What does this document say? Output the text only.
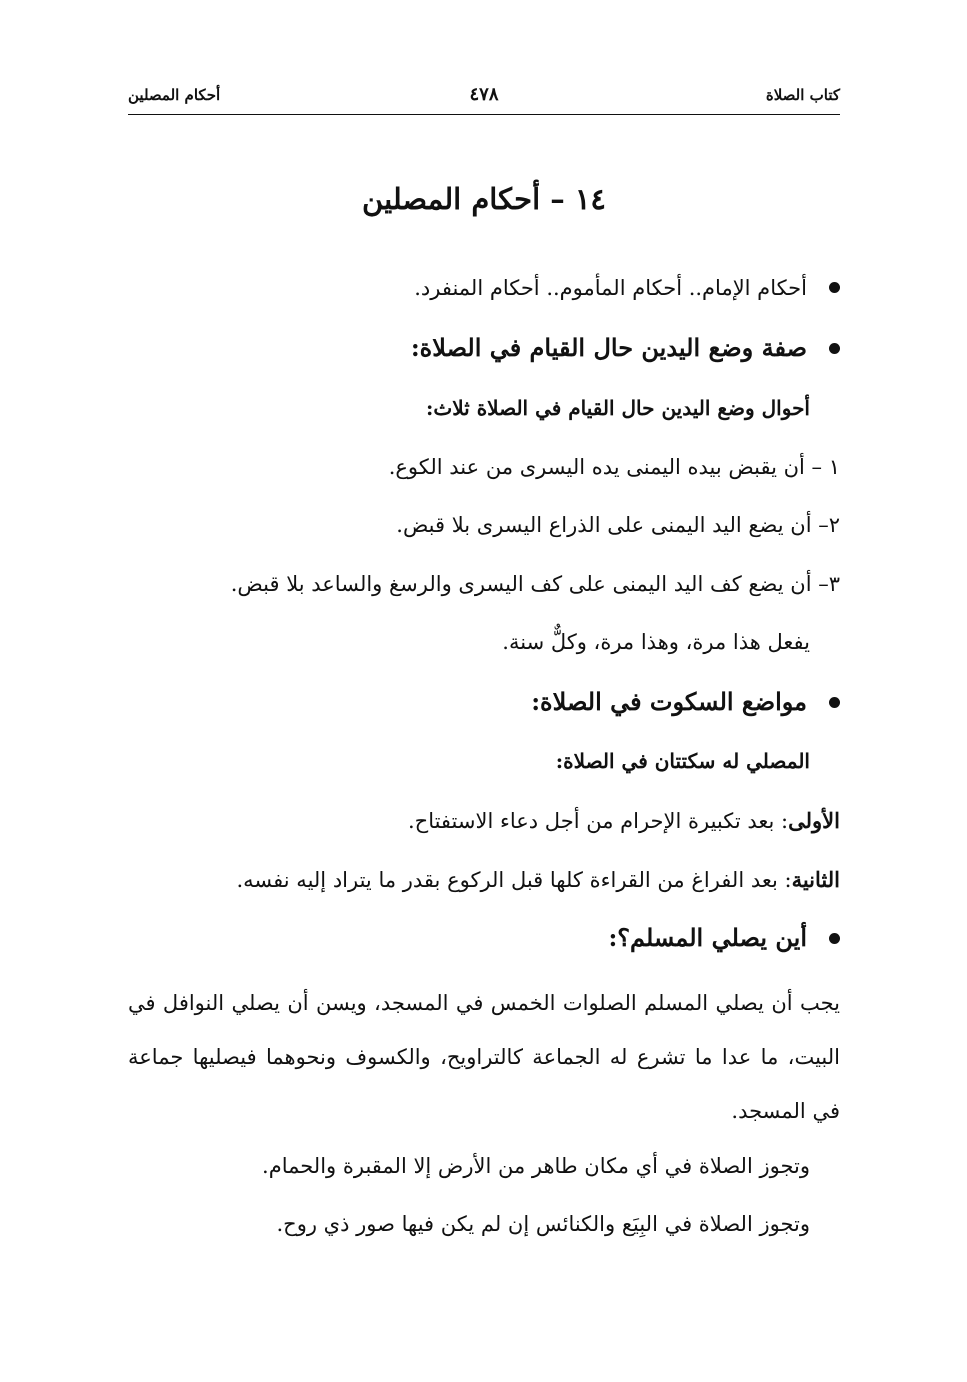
كتاب الصلاة
٤٧٨
أحكام المصلين
١٤ – أحكام المصلين
أحكام الإمام.. أحكام المأموم.. أحكام المنفرد.
صفة وضع اليدين حال القيام في الصلاة:
أحوال وضع اليدين حال القيام في الصلاة ثلاث:
١ – أن يقبض بيده اليمنى يده اليسرى من عند الكوع.
٢– أن يضع اليد اليمنى على الذراع اليسرى بلا قبض.
٣– أن يضع كف اليد اليمنى على كف اليسرى والرسغ والساعد بلا قبض.
يفعل هذا مرة، وهذا مرة، وكلٌّ سنة.
مواضع السكوت في الصلاة:
المصلي له سكتتان في الصلاة:
الأولى: بعد تكبيرة الإحرام من أجل دعاء الاستفتاح.
الثانية: بعد الفراغ من القراءة كلها قبل الركوع بقدر ما يتراد إليه نفسه.
أين يصلي المسلم؟:
يجب أن يصلي المسلم الصلوات الخمس في المسجد، ويسن أن يصلي النوافل في البيت، ما عدا ما تشرع له الجماعة كالتراويح، والكسوف ونحوهما فيصليها جماعة في المسجد.
وتجوز الصلاة في أي مكان طاهر من الأرض إلا المقبرة والحمام.
وتجوز الصلاة في البِيَع والكنائس إن لم يكن فيها صور ذي روح.
